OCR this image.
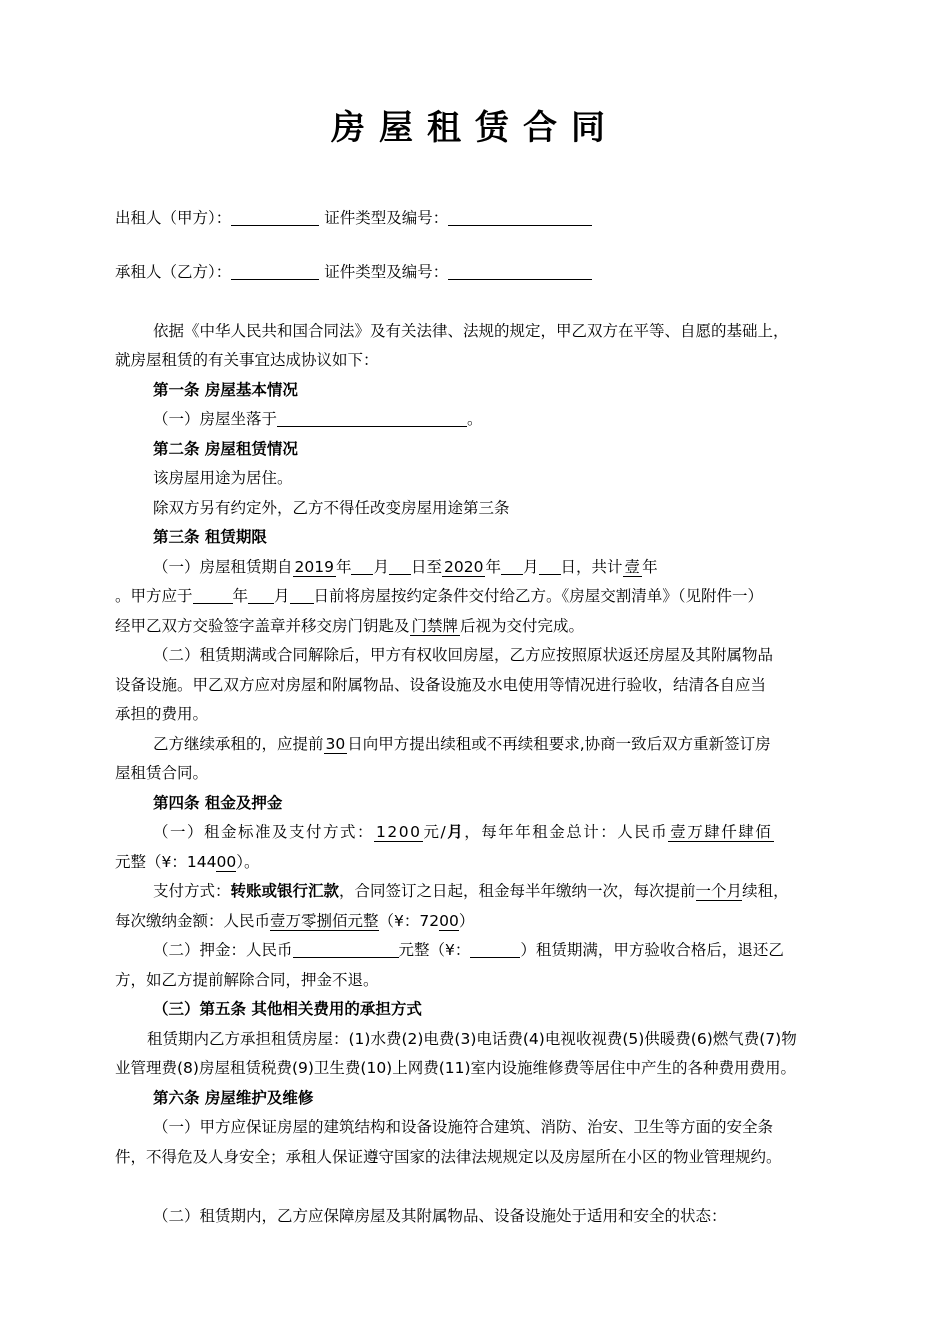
房屋租赁合同
出租人（甲方）：	证件类型及编号：
承租人（乙方）：	证件类型及编号：
依据《中华人民共和国合同法》及有关法律、法规的规定，甲乙双方在平等、自愿的基础上，
就房屋租赁的有关事宜达成协议如下：
第一条 房屋基本情况
（一）房屋坐落于	。
第二条 房屋租赁情况
该房屋用途为居住。
除双方另有约定外，乙方不得任改变房屋用途第三条
第三条 租赁期限
（一）房屋租赁期自 2019 年 月 日至 2020 年 月 日，共计 壹 年
。甲方应于	年 月 日前将房屋按约定条件交付给乙方。《房屋交割清单》（见附件一）
经甲乙双方交验签字盖章并移交房门钥匙及 门禁牌 后视为交付完成。
（二）租赁期满或合同解除后，甲方有权收回房屋，乙方应按照原状返还房屋及其附属物品
设备设施。甲乙双方应对房屋和附属物品、设备设施及水电使用等情况进行验收，结清各自应当
承担的费用。
乙方继续承租的，应提前 30 日向甲方提出续租或不再续租要求,协商一致后双方重新签订房
屋租赁合同。
第四条 租金及押金
（一）租金标准及支付方式： 1200 元/月，每年年租金总计：人民币 壹万肆仟肆佰
元整（¥：14400）。
支付方式：转账或银行汇款，合同签订之日起，租金每半年缴纳一次，每次提前一个月续租，
每次缴纳金额：人民币壹万零捌佰元整（¥：7200）
（二）押金：人民币	元整（¥：	）租赁期满，甲方验收合格后，退还乙
方，如乙方提前解除合同，押金不退。
（三）第五条 其他相关费用的承担方式
租赁期内乙方承担租赁房屋：(1)水费(2)电费(3)电话费(4)电视收视费(5)供暖费(6)燃气费(7)物
业管理费(8)房屋租赁税费(9)卫生费(10)上网费(11)室内设施维修费等居住中产生的各种费用费用。
第六条 房屋维护及维修
（一）甲方应保证房屋的建筑结构和设备设施符合建筑、消防、治安、卫生等方面的安全条
件，不得危及人身安全；承租人保证遵守国家的法律法规规定以及房屋所在小区的物业管理规约。
（二）租赁期内，乙方应保障房屋及其附属物品、设备设施处于适用和安全的状态：
